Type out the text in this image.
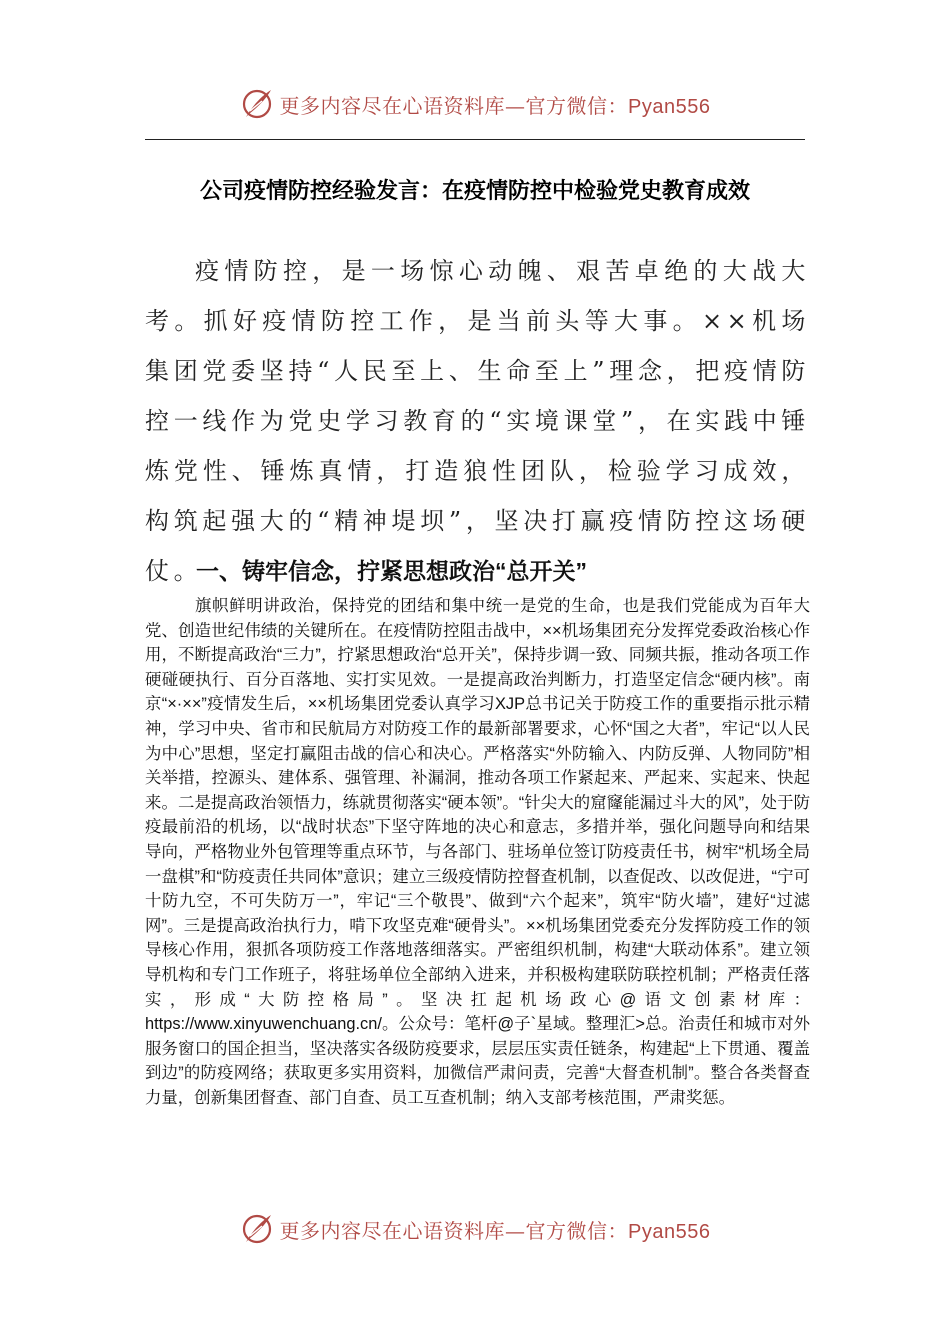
更多内容尽在心语资料库—官方微信：Pyan556
公司疫情防控经验发言：在疫情防控中检验党史教育成效

疫情防控，是一场惊心动魄、艰苦卓绝的大战大考。抓好疫情防控工作，是当前头等大事。××机场集团党委坚持“人民至上、生命至上”理念，把疫情防控一线作为党史学习教育的“实境课堂”，在实践中锤炼党性、锤炼真情，打造狼性团队，检验学习成效，构筑起强大的“精神堤坝”，坚决打赢疫情防控这场硬仗。

一、铸牢信念，拧紧思想政治“总开关”

旗帜鲜明讲政治，保持党的团结和集中统一是党的生命，也是我们党能成为百年大党、创造世纪伟绩的关键所在。在疫情防控阻击战中，××机场集团充分发挥党委政治核心作用，不断提高政治“三力”，拧紧思想政治“总开关”，保持步调一致、同频共振，推动各项工作硬碰硬执行、百分百落地、实打实见效。一是提高政治判断力，打造坚定信念“硬内核”。南京“×·××”疫情发生后，××机场集团党委认真学习XJP总书记关于防疫工作的重要指示批示精神，学习中央、省市和民航局方对防疫工作的最新部署要求，心怀“国之大者”，牢记“以人民为中心”思想，坚定打赢阻击战的信心和决心。严格落实“外防输入、内防反弹、人物同防”相关举措，控源头、建体系、强管理、补漏洞，推动各项工作紧起来、严起来、实起来、快起来。二是提高政治领悟力，练就贯彻落实“硬本领”。“针尖大的窟窿能漏过斗大的风”，处于防疫最前沿的机场，以“战时状态”下坚守阵地的决心和意志，多措并举，强化问题导向和结果导向，严格物业外包管理等重点环节，与各部门、驻场单位签订防疫责任书，树牢“机场全局一盘棋”和“防疫责任共同体”意识；建立三级疫情防控督查机制，以查促改、以改促进，“宁可十防九空，不可失防万一”，牢记“三个敬畏”、做到“六个起来”，筑牢“防火墙”，建好“过滤网”。三是提高政治执行力，啃下攻坚克难“硬骨头”。××机场集团党委充分发挥防疫工作的领导核心作用，狠抓各项防疫工作落地落细落实。严密组织机制，构建“大联动体系”。建立领导机构和专门工作班子，将驻场单位全部纳入进来，并积极构建联防联控机制；严格责任落实，形成“大防控格局”。坚决扛起机场政心@语文创素材库：https://www.xinyuwenchuang.cn/。公众号：笔杆@子`星域。整理汇>总。治责任和城市对外服务窗口的国企担当，坚决落实各级防疫要求，层层压实责任链条，构建起“上下贯通、覆盖到边”的防疫网络；获取更多实用资料，加微信严肃问责，完善“大督查机制”。整合各类督查力量，创新集团督查、部门自查、员工互查机制；纳入支部考核范围，严肃奖惩。

更多内容尽在心语资料库—官方微信：Pyan556
